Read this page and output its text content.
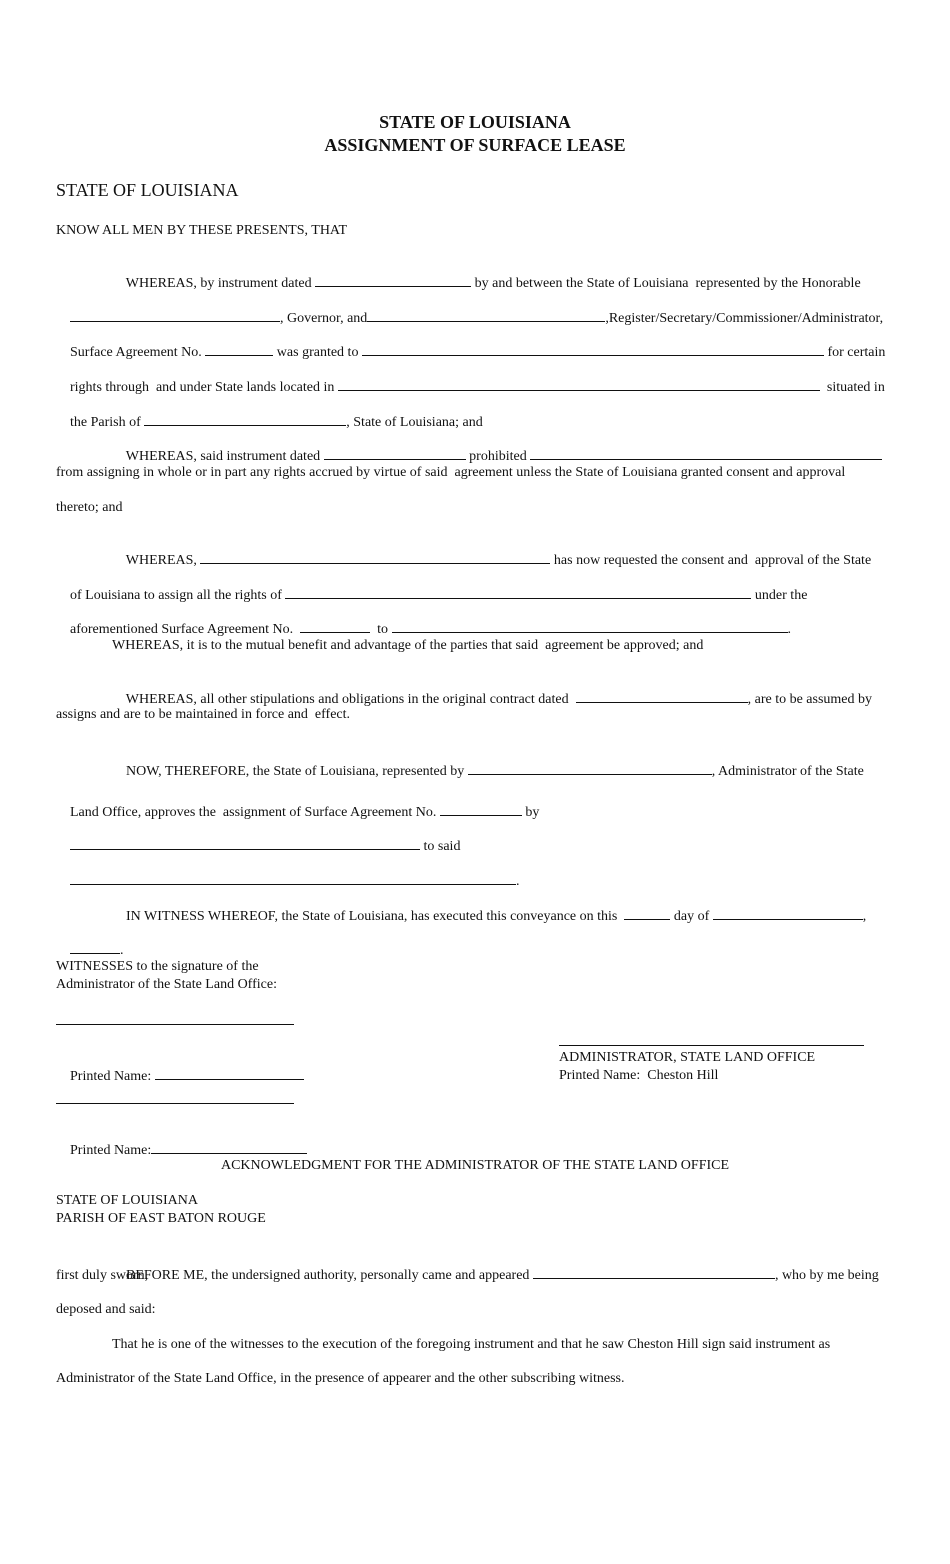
STATE OF LOUISIANA
ASSIGNMENT OF SURFACE LEASE
STATE OF LOUISIANA
KNOW ALL MEN BY THESE PRESENTS, THAT

WHEREAS, by instrument dated	by and between the State of Louisiana  represented by the Honorable

, Governor, and	,Register/Secretary/Commissioner/Administrator,

Surface Agreement No.	was granted to	for certain

rights through  and under State lands located in	situated in

the Parish of	, State of Louisiana; and

WHEREAS, said instrument dated	prohibited

from assigning in whole or in part any rights accrued by virtue of said  agreement unless the State of Louisiana granted consent and approval
thereto; and

WHEREAS,	has now requested the consent and  approval of the State

of Louisiana to assign all the rights of	under the

aforementioned Surface Agreement No.	to	.

WHEREAS, it is to the mutual benefit and advantage of the parties that said  agreement be approved; and

WHEREAS, all other stipulations and obligations in the original contract dated	, are to be assumed by

assigns and are to be maintained in force and  effect.

NOW, THEREFORE, the State of Louisiana, represented by	, Administrator of the State

Land Office, approves the  assignment of Surface Agreement No.	by

to said

.

IN WITNESS WHEREOF, the State of Louisiana, has executed this conveyance on this	day of	,

.

WITNESSES to the signature of the
Administrator of the State Land Office:

Printed Name:

Printed Name:

ADMINISTRATOR, STATE LAND OFFICE
Printed Name:  Cheston Hill
ACKNOWLEDGMENT FOR THE ADMINISTRATOR OF THE STATE LAND OFFICE
STATE OF LOUISIANA
PARISH OF EAST BATON ROUGE

BEFORE ME, the undersigned authority, personally came and appeared	, who by me being

first duly sworn,
deposed and said:
That he is one of the witnesses to the execution of the foregoing instrument and that he saw Cheston Hill sign said instrument as
Administrator of the State Land Office, in the presence of appearer and the other subscribing witness.
